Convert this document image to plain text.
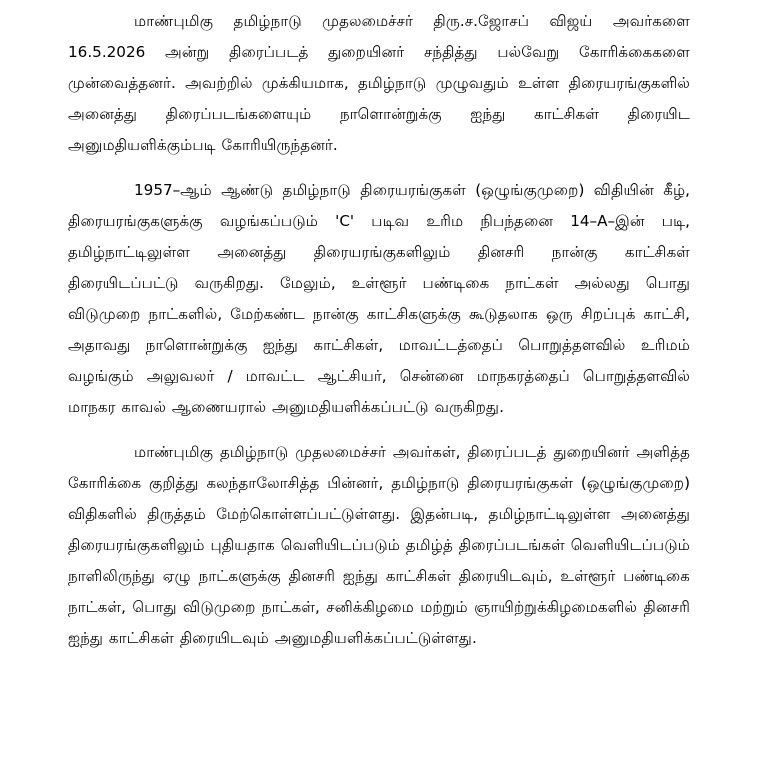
மாண்புமிகு தமிழ்நாடு முதலமைச்சர் திரு.ச.ஜோசப் விஜய் அவர்களை 16.5.2026 அன்று திரைப்படத் துறையினர் சந்தித்து பல்வேறு கோரிக்கைகளை முன்வைத்தனர். அவற்றில் முக்கியமாக, தமிழ்நாடு முழுவதும் உள்ள திரையரங்குகளில் அனைத்து திரைப்படங்களையும் நாளொன்றுக்கு ஐந்து காட்சிகள் திரையிட அனுமதியளிக்கும்படி கோரியிருந்தனர்.

1957–ஆம் ஆண்டு தமிழ்நாடு திரையரங்குகள் (ஒழுங்குமுறை) விதியின் கீழ், திரையரங்குகளுக்கு வழங்கப்படும் 'C' படிவ உரிம நிபந்தனை 14–A–இன் படி, தமிழ்நாட்டிலுள்ள அனைத்து திரையரங்குகளிலும் தினசரி நான்கு காட்சிகள் திரையிடப்பட்டு வருகிறது. மேலும், உள்ளூர் பண்டிகை நாட்கள் அல்லது பொது விடுமுறை நாட்களில், மேற்கண்ட நான்கு காட்சிகளுக்கு கூடுதலாக ஒரு சிறப்புக் காட்சி, அதாவது நாளொன்றுக்கு ஐந்து காட்சிகள், மாவட்டத்தைப் பொறுத்தளவில் உரிமம் வழங்கும் அலுவலர் / மாவட்ட ஆட்சியர், சென்னை மாநகரத்தைப் பொறுத்தளவில் மாநகர காவல் ஆணையரால் அனுமதியளிக்கப்பட்டு வருகிறது.

மாண்புமிகு தமிழ்நாடு முதலமைச்சர் அவர்கள், திரைப்படத் துறையினர் அளித்த கோரிக்கை குறித்து கலந்தாலோசித்த பின்னர், தமிழ்நாடு திரையரங்குகள் (ஒழுங்குமுறை) விதிகளில் திருத்தம் மேற்கொள்ளப்பட்டுள்ளது. இதன்படி, தமிழ்நாட்டிலுள்ள அனைத்து திரையரங்குகளிலும் புதியதாக வெளியிடப்படும் தமிழ்த் திரைப்படங்கள் வெளியிடப்படும் நாளிலிருந்து ஏழு நாட்களுக்கு தினசரி ஐந்து காட்சிகள் திரையிடவும், உள்ளூர் பண்டிகை நாட்கள், பொது விடுமுறை நாட்கள், சனிக்கிழமை மற்றும் ஞாயிற்றுக்கிழமைகளில் தினசரி ஐந்து காட்சிகள் திரையிடவும் அனுமதியளிக்கப்பட்டுள்ளது.
